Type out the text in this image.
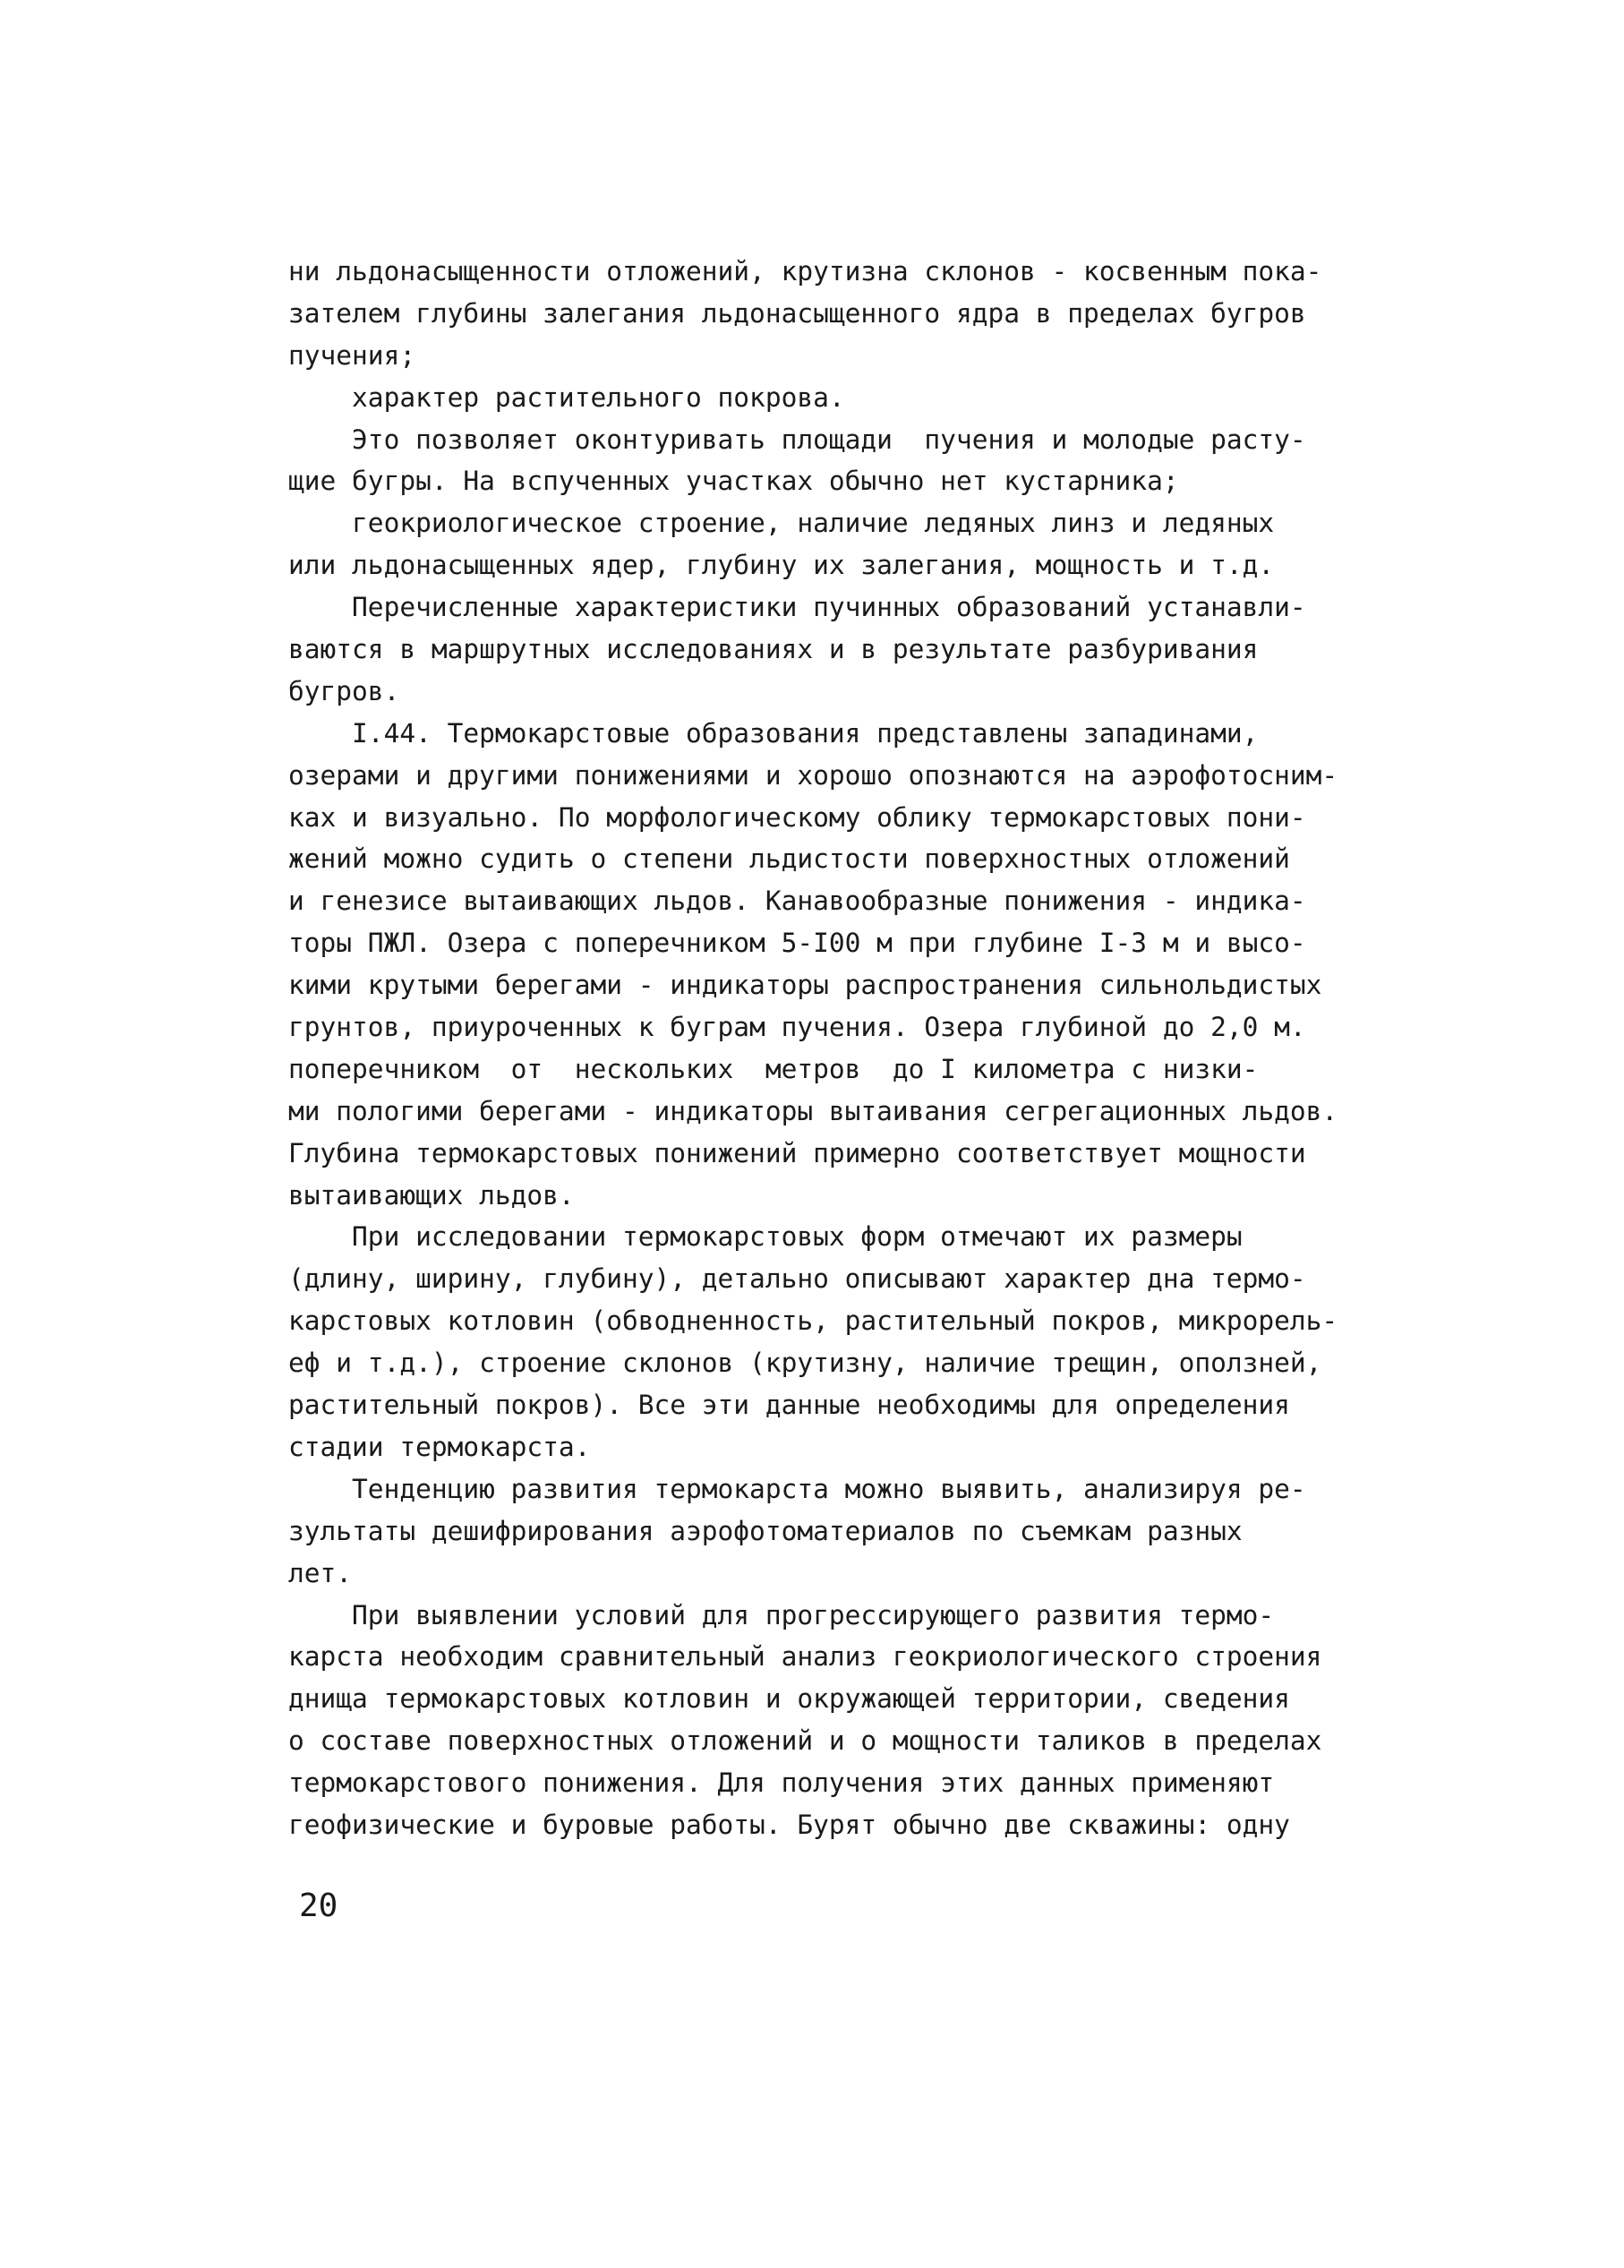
ни льдонасыщенности отложений, крутизна склонов - косвенным пока-
зателем глубины залегания льдонасыщенного ядра в пределах бугров
пучения;
характер растительного покрова.
Это позволяет оконтуривать площади  пучения и молодые расту-
щие бугры. На вспученных участках обычно нет кустарника;
геокриологическое строение, наличие ледяных линз и ледяных
или льдонасыщенных ядер, глубину их залегания, мощность и т.д.
Перечисленные характеристики пучинных образований устанавли-
ваются в маршрутных исследованиях и в результате разбуривания
бугров.
I.44. Термокарстовые образования представлены западинами,
озерами и другими понижениями и хорошо опознаются на аэрофотосним-
ках и визуально. По морфологическому облику термокарстовых пони-
жений можно судить о степени льдистости поверхностных отложений
и генезисе вытаивающих льдов. Канавообразные понижения - индика-
торы ПЖЛ. Озера с поперечником 5-I00 м при глубине I-3 м и высо-
кими крутыми берегами - индикаторы распространения сильнольдистых
грунтов, приуроченных к буграм пучения. Озера глубиной до 2,0 м.
поперечником  от  нескольких  метров  до I километра с низки-
ми пологими берегами - индикаторы вытаивания сегрегационных льдов.
Глубина термокарстовых понижений примерно соответствует мощности
вытаивающих льдов.
При исследовании термокарстовых форм отмечают их размеры
(длину, ширину, глубину), детально описывают характер дна термо-
карстовых котловин (обводненность, растительный покров, микрорель-
еф и т.д.), строение склонов (крутизну, наличие трещин, оползней,
растительный покров). Все эти данные необходимы для определения
стадии термокарста.
Тенденцию развития термокарста можно выявить, анализируя ре-
зультаты дешифрирования аэрофотоматериалов по съемкам разных
лет.
При выявлении условий для прогрессирующего развития термо-
карста необходим сравнительный анализ геокриологического строения
днища термокарстовых котловин и окружающей территории, сведения
о составе поверхностных отложений и о мощности таликов в пределах
термокарстового понижения. Для получения этих данных применяют
геофизические и буровые работы. Бурят обычно две скважины: одну
20
